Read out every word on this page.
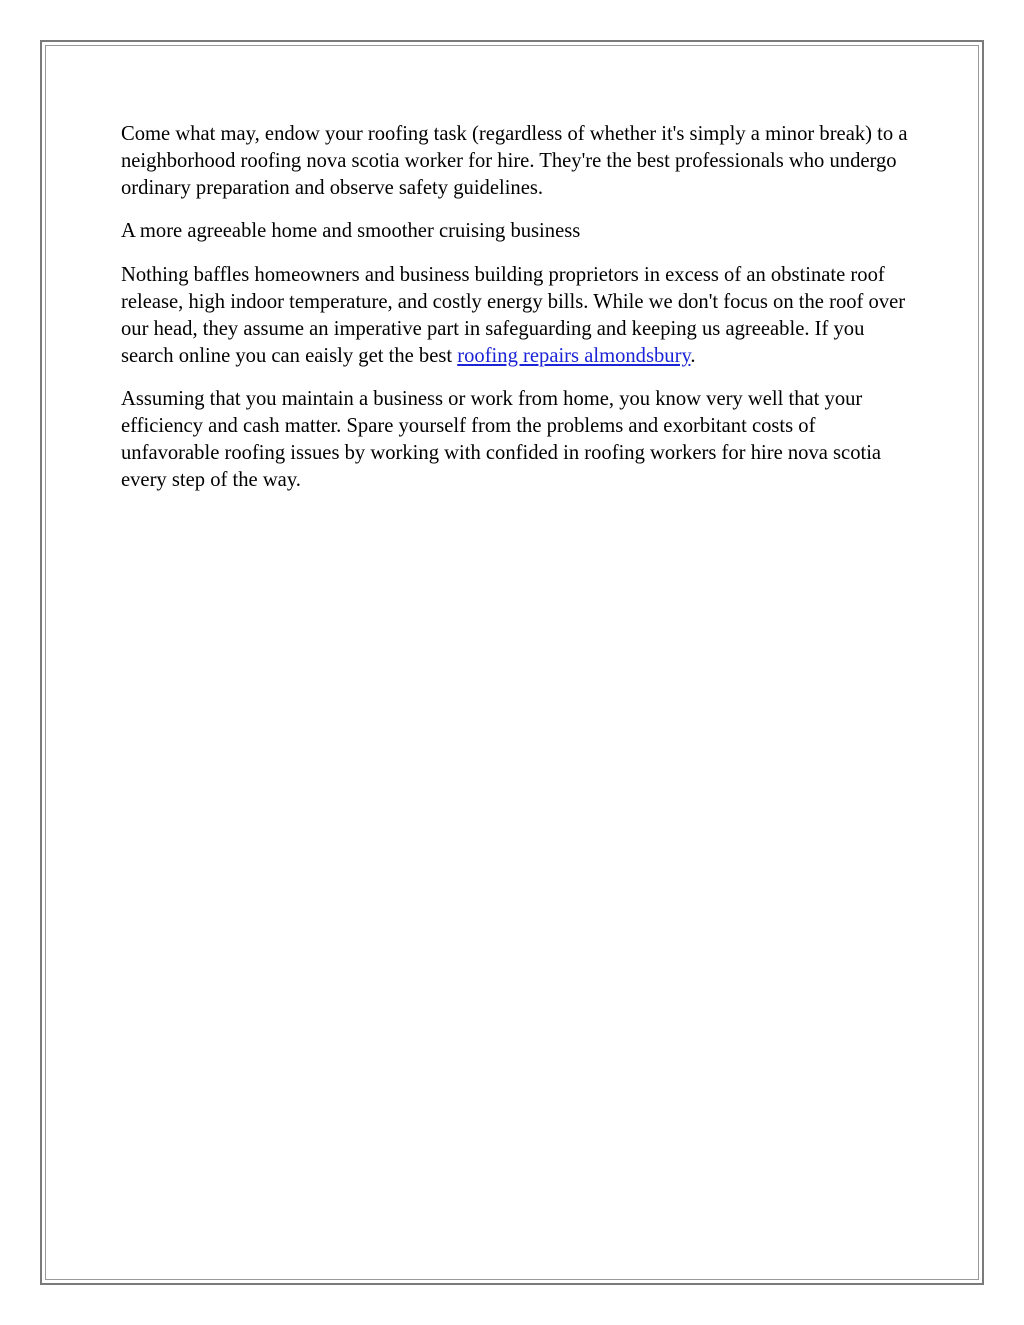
Come what may, endow your roofing task (regardless of whether it's simply a minor break) to a neighborhood roofing nova scotia worker for hire. They're the best professionals who undergo ordinary preparation and observe safety guidelines.

A more agreeable home and smoother cruising business

Nothing baffles homeowners and business building proprietors in excess of an obstinate roof release, high indoor temperature, and costly energy bills. While we don't focus on the roof over our head, they assume an imperative part in safeguarding and keeping us agreeable. If you search online you can eaisly get the best roofing repairs almondsbury.

Assuming that you maintain a business or work from home, you know very well that your efficiency and cash matter. Spare yourself from the problems and exorbitant costs of unfavorable roofing issues by working with confided in roofing workers for hire nova scotia every step of the way.
